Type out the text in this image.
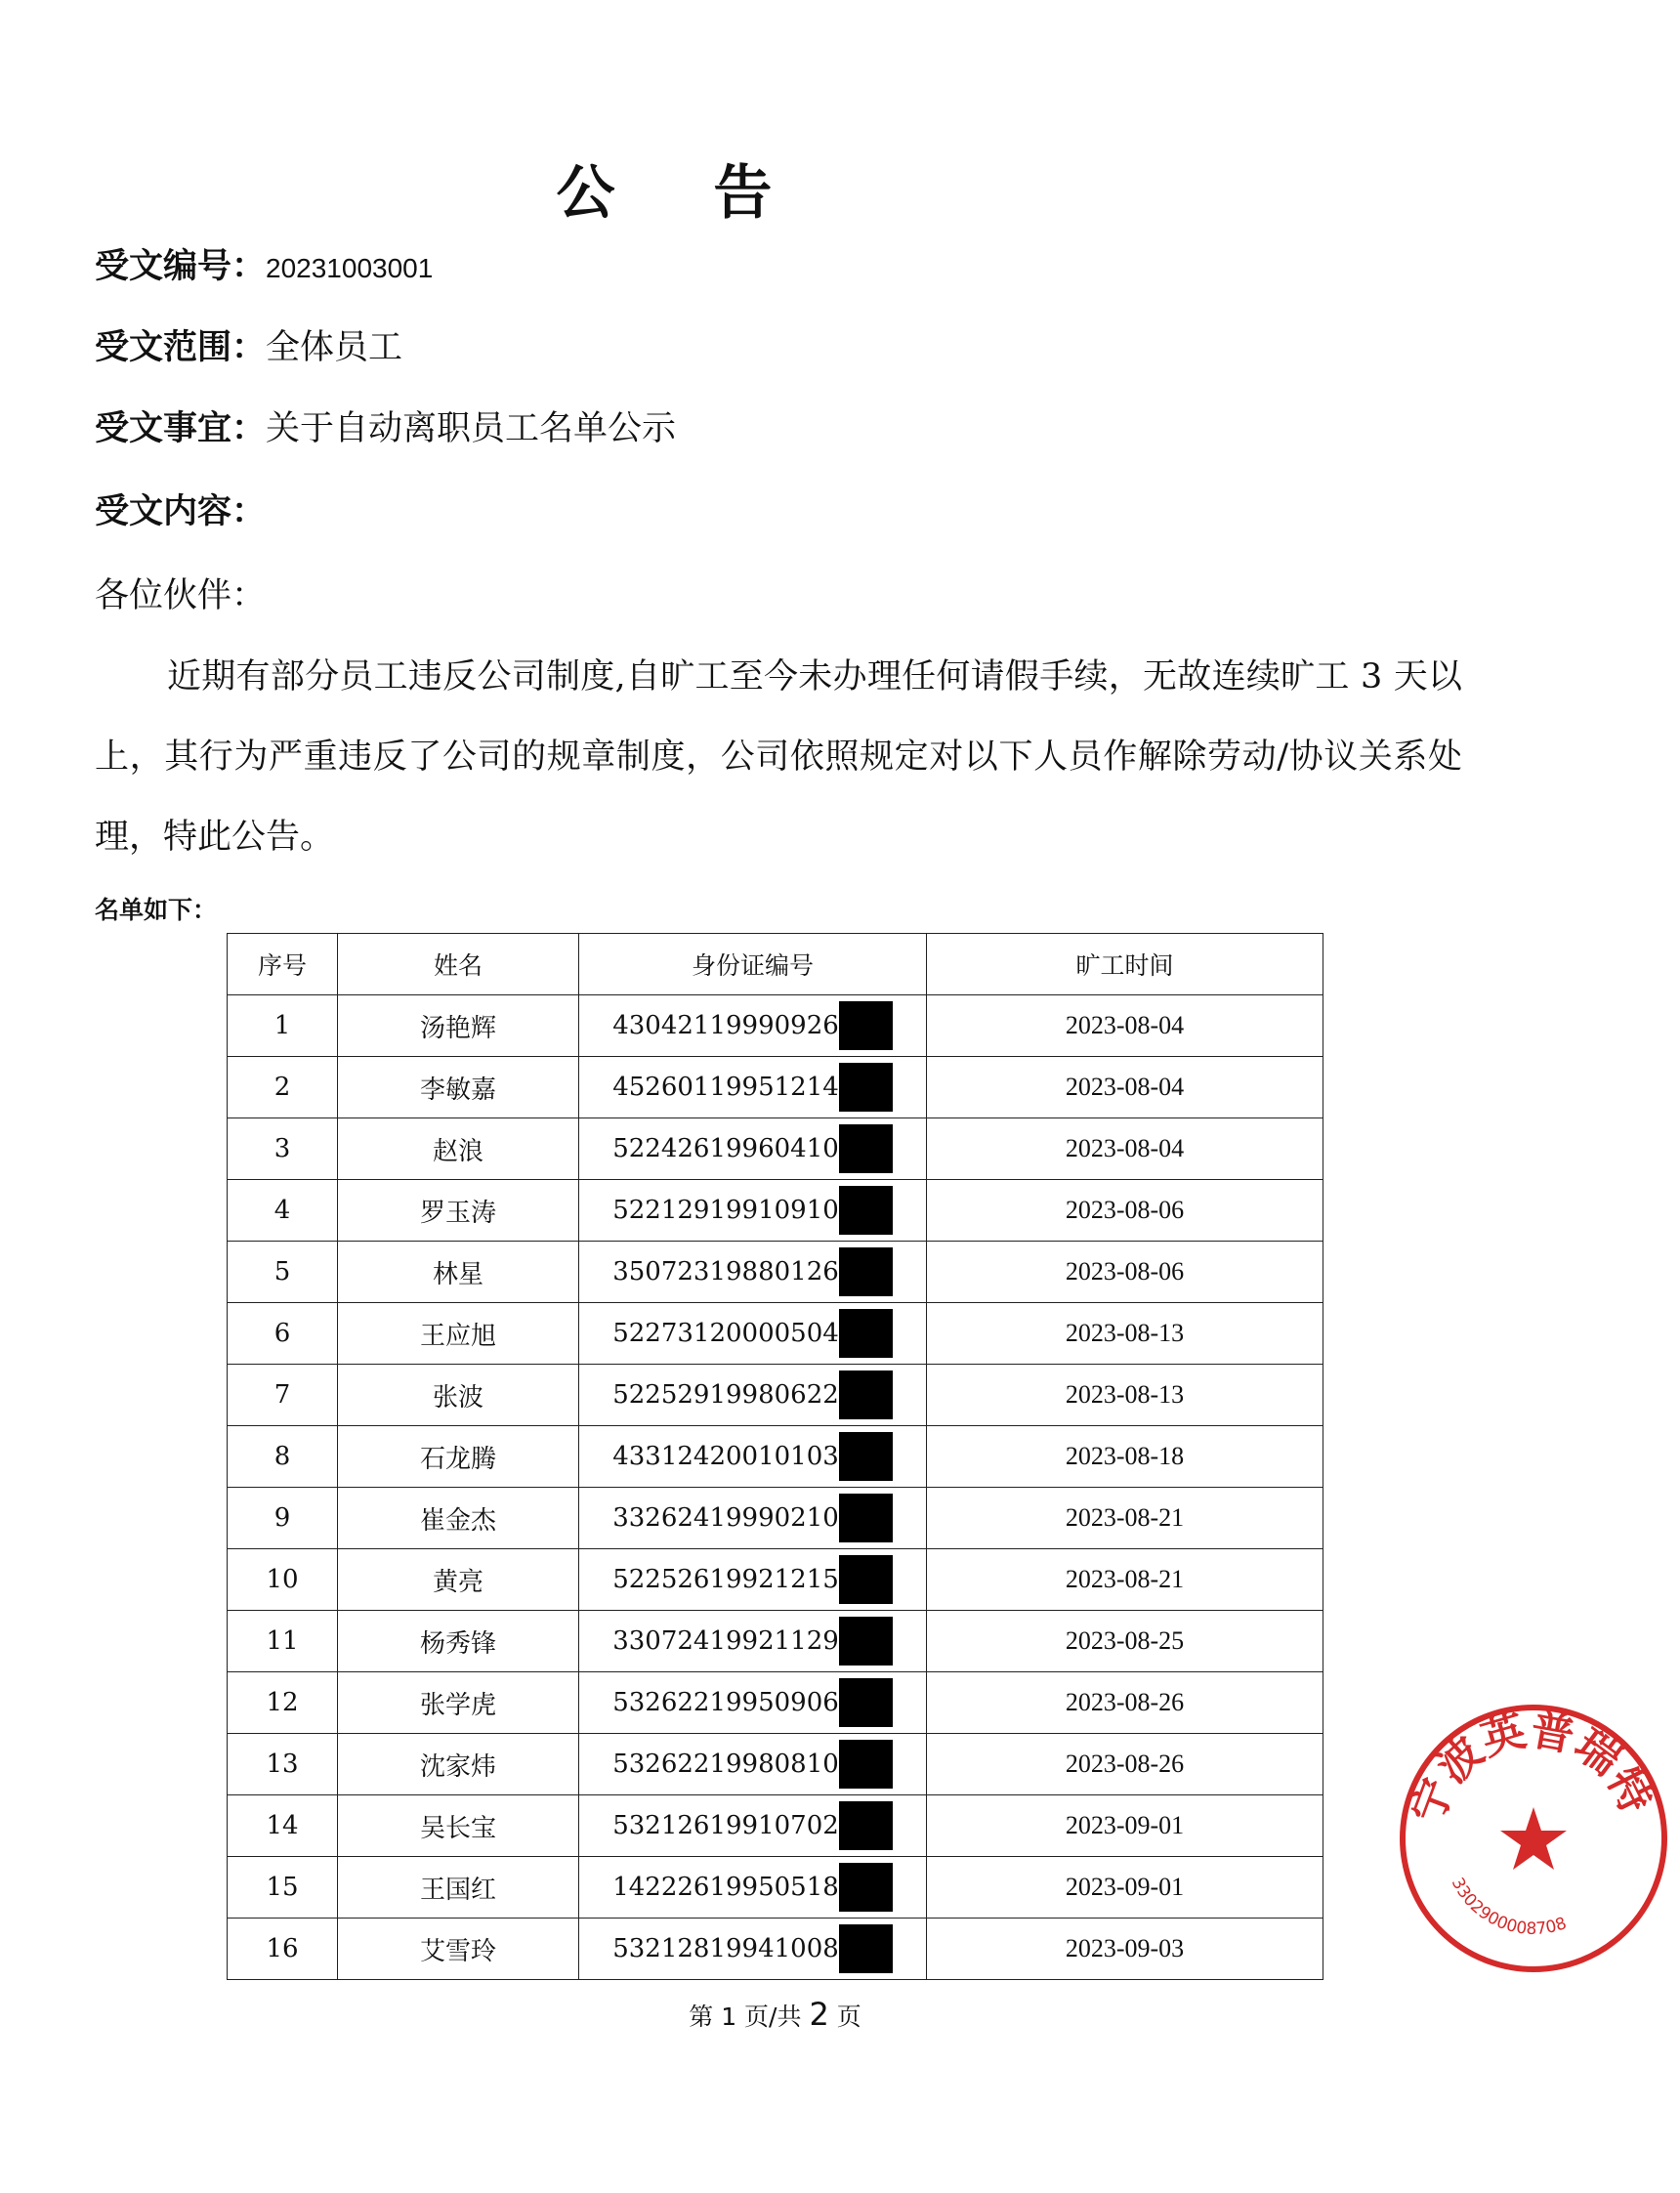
公 告
受文编号：20231003001
受文范围：全体员工
受文事宜：关于自动离职员工名单公示
受文内容：
各位伙伴：
近期有部分员工违反公司制度,自旷工至今未办理任何请假手续，无故连续旷工 3 天以上，其行为严重违反了公司的规章制度，公司依照规定对以下人员作解除劳动/协议关系处理，特此公告。
名单如下：
序号	姓名	身份证编号	旷工时间
1	汤艳辉	43042119990926	2023-08-04
2	李敏嘉	45260119951214	2023-08-04
3	赵浪	52242619960410	2023-08-04
4	罗玉涛	52212919910910	2023-08-06
5	林星	35072319880126	2023-08-06
6	王应旭	52273120000504	2023-08-13
7	张波	52252919980622	2023-08-13
8	石龙腾	43312420010103	2023-08-18
9	崔金杰	33262419990210	2023-08-21
10	黄亮	52252619921215	2023-08-21
11	杨秀锋	33072419921129	2023-08-25
12	张学虎	53262219950906	2023-08-26
13	沈家炜	53262219980810	2023-08-26
14	吴长宝	53212619910702	2023-09-01
15	王国红	14222619950518	2023-09-01
16	艾雪玲	53212819941008	2023-09-03
第 1 页/共 2 页
宁波英普瑞特
3302900008708
